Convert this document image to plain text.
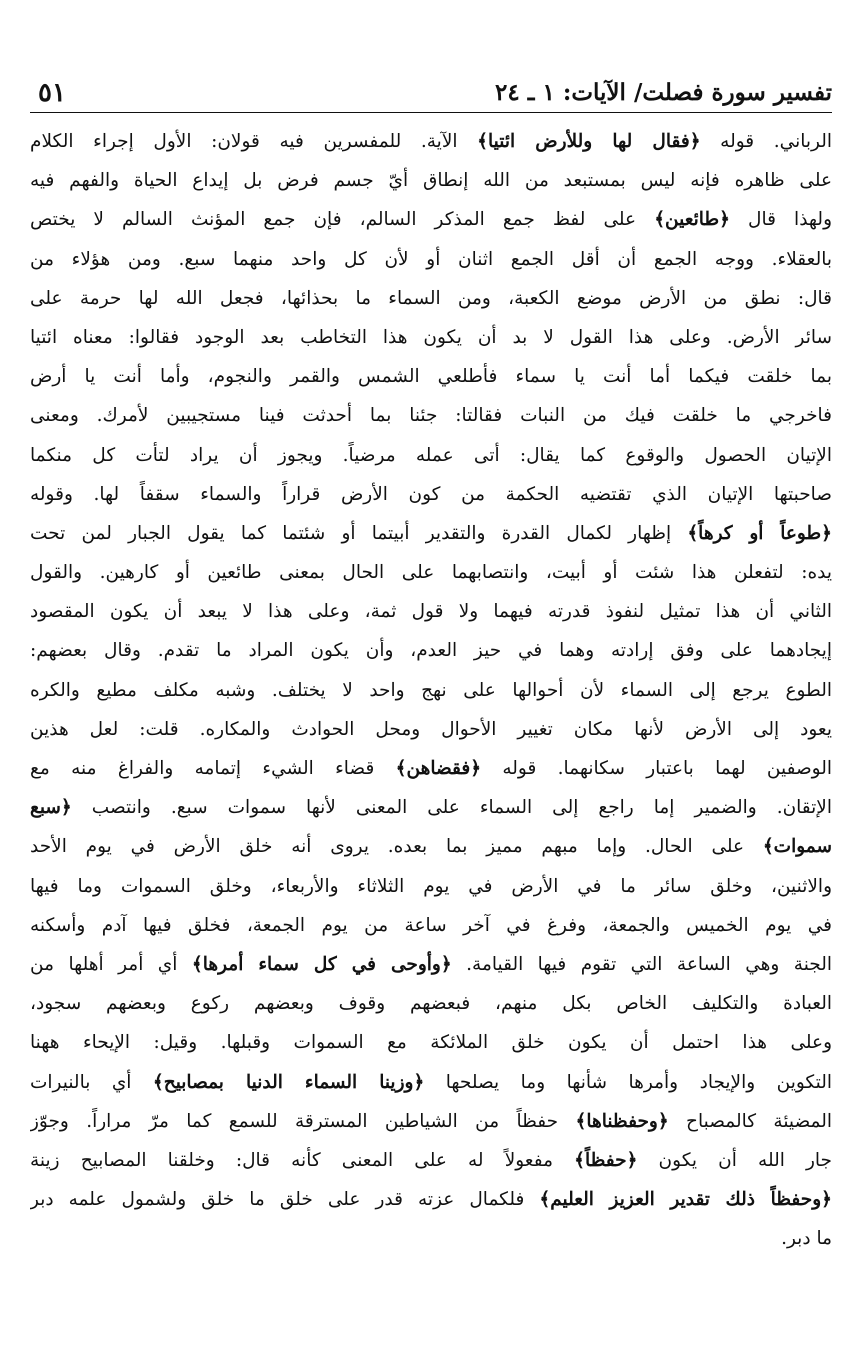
٥١	تفسير سورة فصلت/ الآيات: ١ ـ ٢٤
الرباني. قوله ﴿فقال لها وللأرض ائتيا﴾ الآية. للمفسرين فيه قولان: الأول إجراء الكلام
على ظاهره فإنه ليس بمستبعد من الله إنطاق أيّ جسم فرض بل إيداع الحياة والفهم فيه
ولهذا قال ﴿طائعين﴾ على لفظ جمع المذكر السالم، فإن جمع المؤنث السالم لا يختص
بالعقلاء. ووجه الجمع أن أقل الجمع اثنان أو لأن كل واحد منهما سبع. ومن هؤلاء من
قال: نطق من الأرض موضع الكعبة، ومن السماء ما بحذائها، فجعل الله لها حرمة على
سائر الأرض. وعلى هذا القول لا بد أن يكون هذا التخاطب بعد الوجود فقالوا: معناه ائتيا
بما خلقت فيكما أما أنت يا سماء فأطلعي الشمس والقمر والنجوم، وأما أنت يا أرض
فاخرجي ما خلقت فيك من النبات فقالتا: جئنا بما أحدثت فينا مستجيبين لأمرك. ومعنى
الإتيان الحصول والوقوع كما يقال: أتى عمله مرضياً. ويجوز أن يراد لتأت كل منكما
صاحبتها الإتيان الذي تقتضيه الحكمة من كون الأرض قراراً والسماء سقفاً لها. وقوله
﴿طوعاً أو كرهاً﴾ إظهار لكمال القدرة والتقدير أبيتما أو شئتما كما يقول الجبار لمن تحت
يده: لتفعلن هذا شئت أو أبيت، وانتصابهما على الحال بمعنى طائعين أو كارهين. والقول
الثاني أن هذا تمثيل لنفوذ قدرته فيهما ولا قول ثمة، وعلى هذا لا يبعد أن يكون المقصود
إيجادهما على وفق إرادته وهما في حيز العدم، وأن يكون المراد ما تقدم. وقال بعضهم:
الطوع يرجع إلى السماء لأن أحوالها على نهج واحد لا يختلف. وشبه مكلف مطيع والكره
يعود إلى الأرض لأنها مكان تغيير الأحوال ومحل الحوادث والمكاره. قلت: لعل هذين
الوصفين لهما باعتبار سكانهما. قوله ﴿فقضاهن﴾ قضاء الشيء إتمامه والفراغ منه مع
الإتقان. والضمير إما راجع إلى السماء على المعنى لأنها سموات سبع. وانتصب ﴿سبع
سموات﴾ على الحال. وإما مبهم مميز بما بعده. يروى أنه خلق الأرض في يوم الأحد
والاثنين، وخلق سائر ما في الأرض في يوم الثلاثاء والأربعاء، وخلق السموات وما فيها
في يوم الخميس والجمعة، وفرغ في آخر ساعة من يوم الجمعة، فخلق فيها آدم وأسكنه
الجنة وهي الساعة التي تقوم فيها القيامة. ﴿وأوحى في كل سماء أمرها﴾ أي أمر أهلها من
العبادة والتكليف الخاص بكل منهم، فبعضهم وقوف وبعضهم ركوع وبعضهم سجود،
وعلى هذا احتمل أن يكون خلق الملائكة مع السموات وقبلها. وقيل: الإيحاء ههنا
التكوين والإيجاد وأمرها شأنها وما يصلحها ﴿وزينا السماء الدنيا بمصابيح﴾ أي بالنيرات
المضيئة كالمصباح ﴿وحفظناها﴾ حفظاً من الشياطين المسترقة للسمع كما مرّ مراراً. وجوّز
جار الله أن يكون ﴿حفظاً﴾ مفعولاً له على المعنى كأنه قال: وخلقنا المصابيح زينة
﴿وحفظاً ذلك تقدير العزيز العليم﴾ فلكمال عزته قدر على خلق ما خلق ولشمول علمه دبر
ما دبر.
